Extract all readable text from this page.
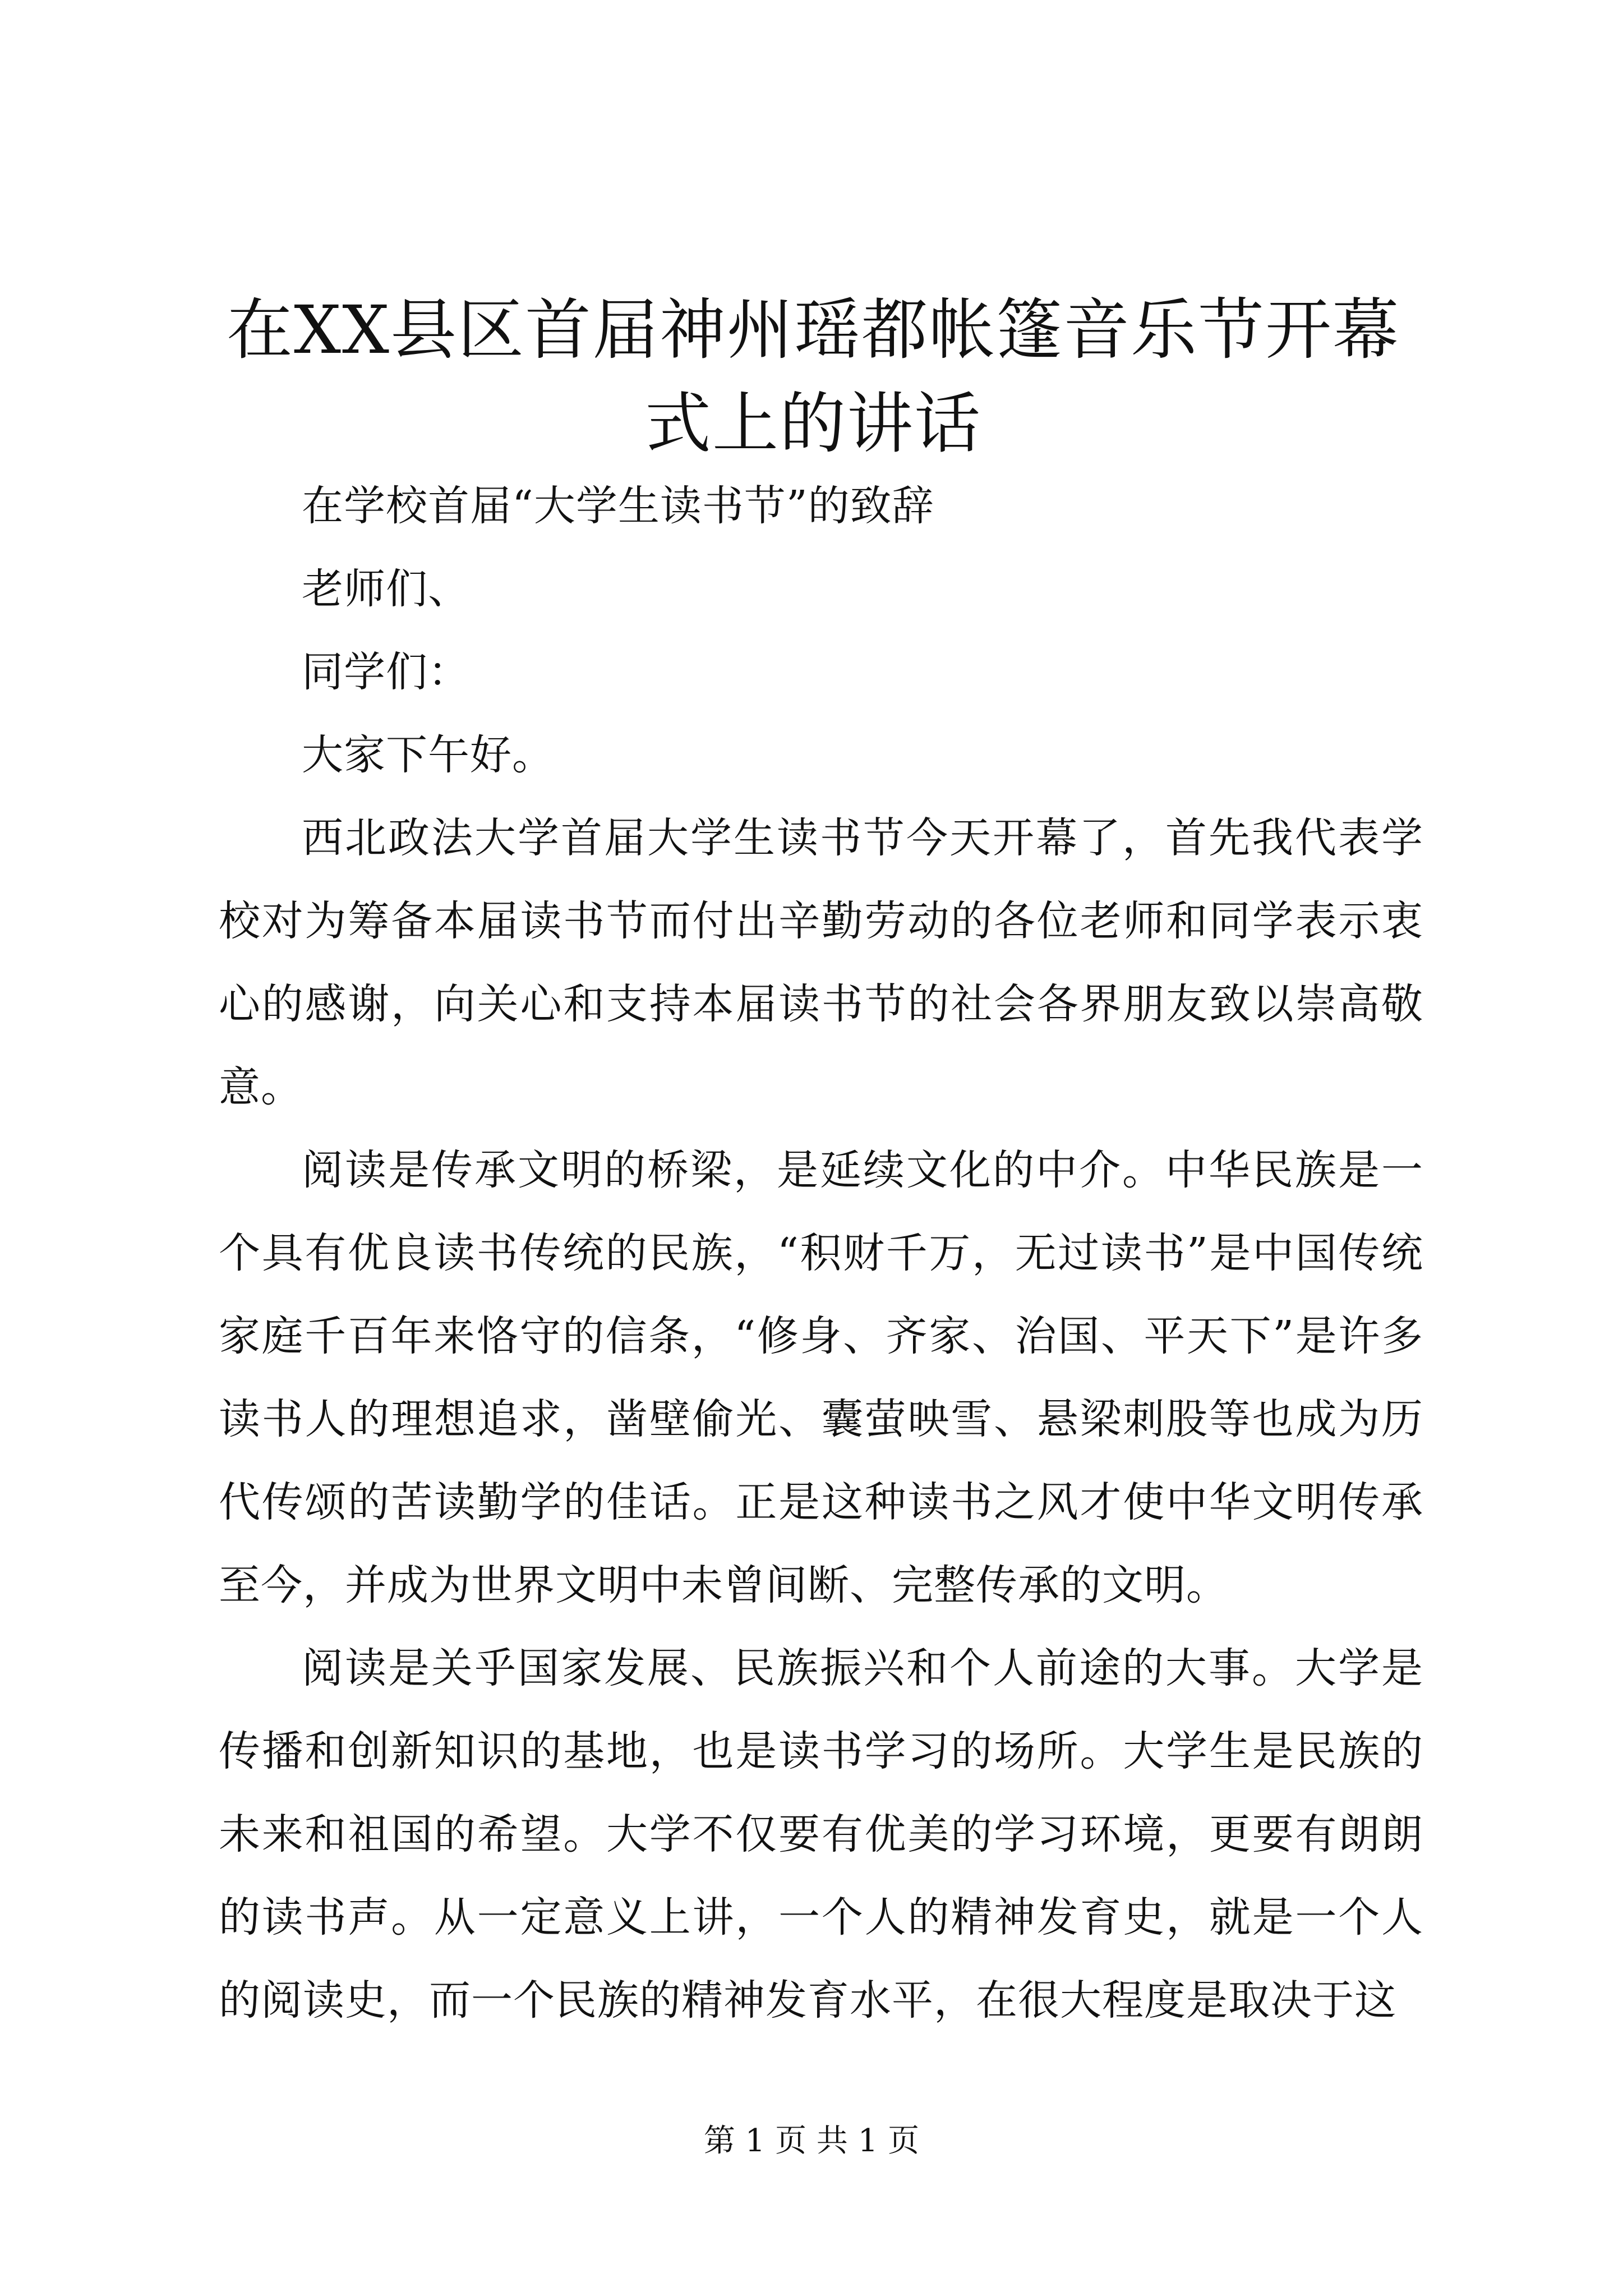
在XX县区首届神州瑶都帐篷音乐节开幕式上的讲话

在学校首届“大学生读书节”的致辞

老师们、

同学们：

大家下午好。

西北政法大学首届大学生读书节今天开幕了，首先我代表学校对为筹备本届读书节而付出辛勤劳动的各位老师和同学表示衷心的感谢，向关心和支持本届读书节的社会各界朋友致以崇高敬意。

阅读是传承文明的桥梁，是延续文化的中介。中华民族是一个具有优良读书传统的民族，“积财千万，无过读书”是中国传统家庭千百年来恪守的信条，“修身、齐家、治国、平天下”是许多读书人的理想追求，凿壁偷光、囊萤映雪、悬梁刺股等也成为历代传颂的苦读勤学的佳话。正是这种读书之风才使中华文明传承至今，并成为世界文明中未曾间断、完整传承的文明。

阅读是关乎国家发展、民族振兴和个人前途的大事。大学是传播和创新知识的基地，也是读书学习的场所。大学生是民族的未来和祖国的希望。大学不仅要有优美的学习环境，更要有朗朗的读书声。从一定意义上讲，一个人的精神发育史，就是一个人的阅读史，而一个民族的精神发育水平，在很大程度是取决于这

第 1 页 共 1 页
